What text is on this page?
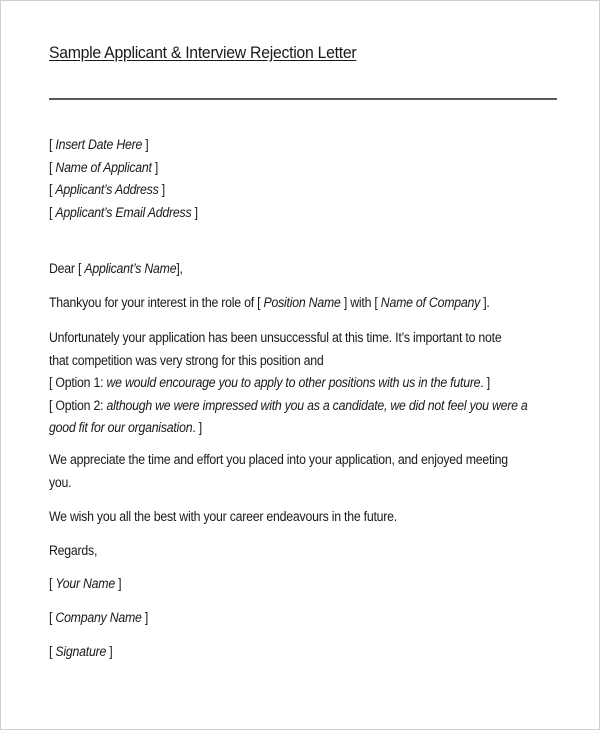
Sample Applicant & Interview Rejection Letter
[ Insert Date Here ]
[ Name of Applicant ]
[ Applicant’s Address ]
[ Applicant’s Email Address ]
Dear [ Applicant’s Name],
Thankyou for your interest in the role of [ Position Name ] with [ Name of Company ].
Unfortunately your application has been unsuccessful at this time. It’s important to note
that competition was very strong for this position and
[ Option 1: we would encourage you to apply to other positions with us in the future. ]
[ Option 2: although we were impressed with you as a candidate, we did not feel you were a
good fit for our organisation. ]
We appreciate the time and effort you placed into your application, and enjoyed meeting
you.
We wish you all the best with your career endeavours in the future.
Regards,
[ Your Name ]
[ Company Name ]
[ Signature ]
